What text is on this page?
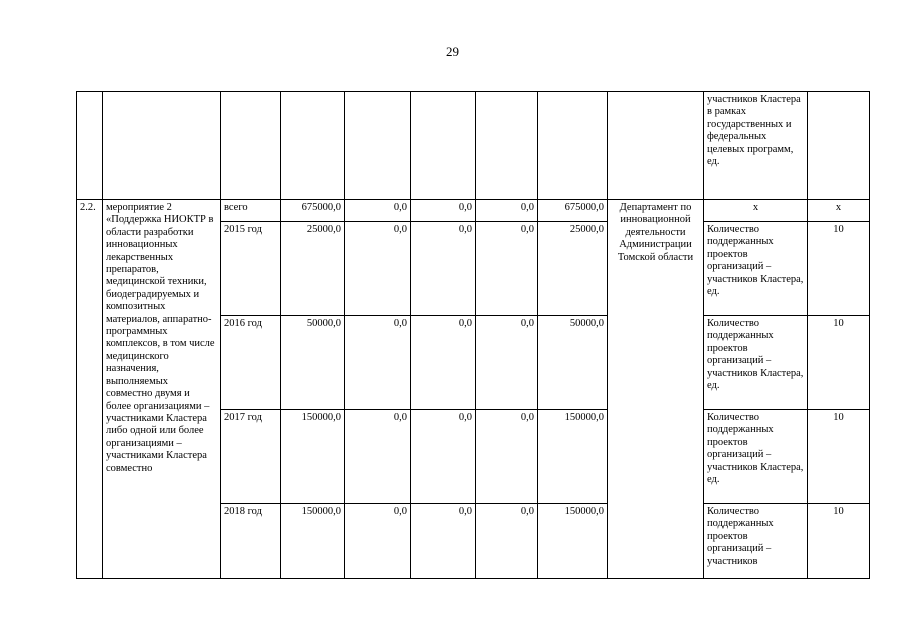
29
									участников Кластера в рамках государственных и федеральных целевых программ, ед.	
2.2.	мероприятие 2 «Поддержка НИОКТР в области разработки инновационных лекарственных препаратов, медицинской техники, биодеградируемых и композитных материалов, аппаратно-программных комплексов, в том числе медицинского назначения, выполняемых совместно двумя и более организациями – участниками Кластера либо одной или более организациями – участниками Кластера совместно	всего	675000,0	0,0	0,0	0,0	675000,0	Департамент по инновационной деятельности Администрации Томской области	х	х
		2015 год	25000,0	0,0	0,0	0,0	25000,0		Количество поддержанных проектов организаций – участников Кластера, ед.	10
		2016 год	50000,0	0,0	0,0	0,0	50000,0		Количество поддержанных проектов организаций – участников Кластера, ед.	10
		2017 год	150000,0	0,0	0,0	0,0	150000,0		Количество поддержанных проектов организаций – участников Кластера, ед.	10
		2018 год	150000,0	0,0	0,0	0,0	150000,0		Количество поддержанных проектов организаций – участников	10
